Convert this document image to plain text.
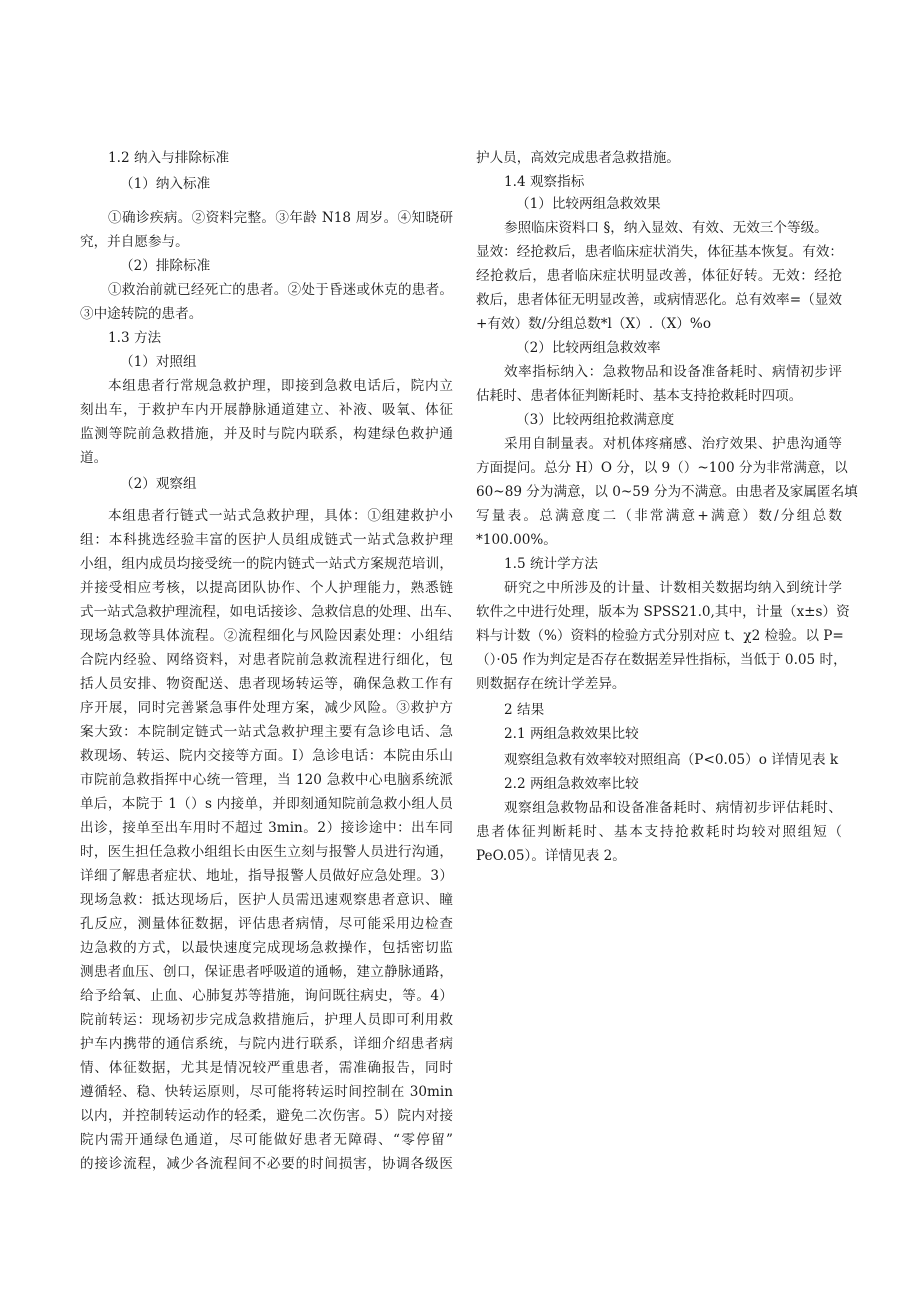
1.2 纳入与排除标准
（1）纳入标准
①确诊疾病。②资料完整。③年龄 N18 周岁。④知晓研
究，并自愿参与。
（2）排除标准
①救治前就已经死亡的患者。②处于昏迷或休克的患者。
③中途转院的患者。
1.3 方法
（1）对照组
本组患者行常规急救护理，即接到急救电话后，院内立
刻出车，于救护车内开展静脉通道建立、补液、吸氧、体征
监测等院前急救措施，并及时与院内联系，构建绿色救护通
道。
（2）观察组
本组患者行链式一站式急救护理，具体：①组建救护小
组：本科挑选经验丰富的医护人员组成链式一站式急救护理
小组，组内成员均接受统一的院内链式一站式方案规范培训，
并接受相应考核，以提高团队协作、个人护理能力，熟悉链
式一站式急救护理流程，如电话接诊、急救信息的处理、出车、
现场急救等具体流程。②流程细化与风险因素处理：小组结
合院内经验、网络资料，对患者院前急救流程进行细化，包
括人员安排、物资配送、患者现场转运等，确保急救工作有
序开展，同时完善紧急事件处理方案，减少风险。③救护方
案大致：本院制定链式一站式急救护理主要有急诊电话、急
救现场、转运、院内交接等方面。I）急诊电话：本院由乐山
市院前急救指挥中心统一管理，当 120 急救中心电脑系统派
单后，本院于 1（）s 内接单，并即刻通知院前急救小组人员
出诊，接单至出车用时不超过 3min。2）接诊途中：出车同
时，医生担任急救小组组长由医生立刻与报警人员进行沟通，
详细了解患者症状、地址，指导报警人员做好应急处理。3）
现场急救：抵达现场后，医护人员需迅速观察患者意识、瞳
孔反应，测量体征数据，评估患者病情，尽可能采用边检查
边急救的方式，以最快速度完成现场急救操作，包括密切监
测患者血压、创口，保证患者呼吸道的通畅，建立静脉通路，
给予给氧、止血、心肺复苏等措施，询问既往病史，等。4）
院前转运：现场初步完成急救措施后，护理人员即可利用救
护车内携带的通信系统，与院内进行联系，详细介绍患者病
情、体征数据，尤其是情况较严重患者，需准确报告，同时
遵循轻、稳、快转运原则，尽可能将转运时间控制在 30min
以内，并控制转运动作的轻柔，避免二次伤害。5）院内对接
院内需开通绿色通道，尽可能做好患者无障碍、“零停留”
的接诊流程，减少各流程间不必要的时间损害，协调各级医
护人员，高效完成患者急救措施。
1.4 观察指标
（1）比较两组急救效果
参照临床资料口 §，纳入显效、有效、无效三个等级。
显效：经抢救后，患者临床症状消失，体征基本恢复。有效：
经抢救后，患者临床症状明显改善，体征好转。无效：经抢
救后，患者体征无明显改善，或病情恶化。总有效率=（显效
+有效）数/分组总数*l（X）.（X）%o
（2）比较两组急救效率
效率指标纳入：急救物品和设备准备耗时、病情初步评
估耗时、患者体征判断耗时、基本支持抢救耗时四项。
（3）比较两组抢救满意度
采用自制量表。对机体疼痛感、治疗效果、护患沟通等
方面提问。总分 H）O 分，以 9（）~100 分为非常满意，以
60~89 分为满意，以 0~59 分为不满意。由患者及家属匿名填
写量表。总满意度二（非常满意+满意）数/分组总数
*100.00%。
1.5 统计学方法
研究之中所涉及的计量、计数相关数据均纳入到统计学
软件之中进行处理，版本为 SPSS21.0,其中，计量（x±s）资
料与计数（%）资料的检验方式分别对应 t、χ2 检验。以 P=
（）·05 作为判定是否存在数据差异性指标，当低于 0.05 时，
则数据存在统计学差异。
2 结果
2.1 两组急救效果比较
观察组急救有效率较对照组高（P<0.05）o 详情见表 k
2.2 两组急救效率比较
观察组急救物品和设备准备耗时、病情初步评估耗时、
患者体征判断耗时、基本支持抢救耗时均较对照组短（
PeO.05）。详情见表 2。
